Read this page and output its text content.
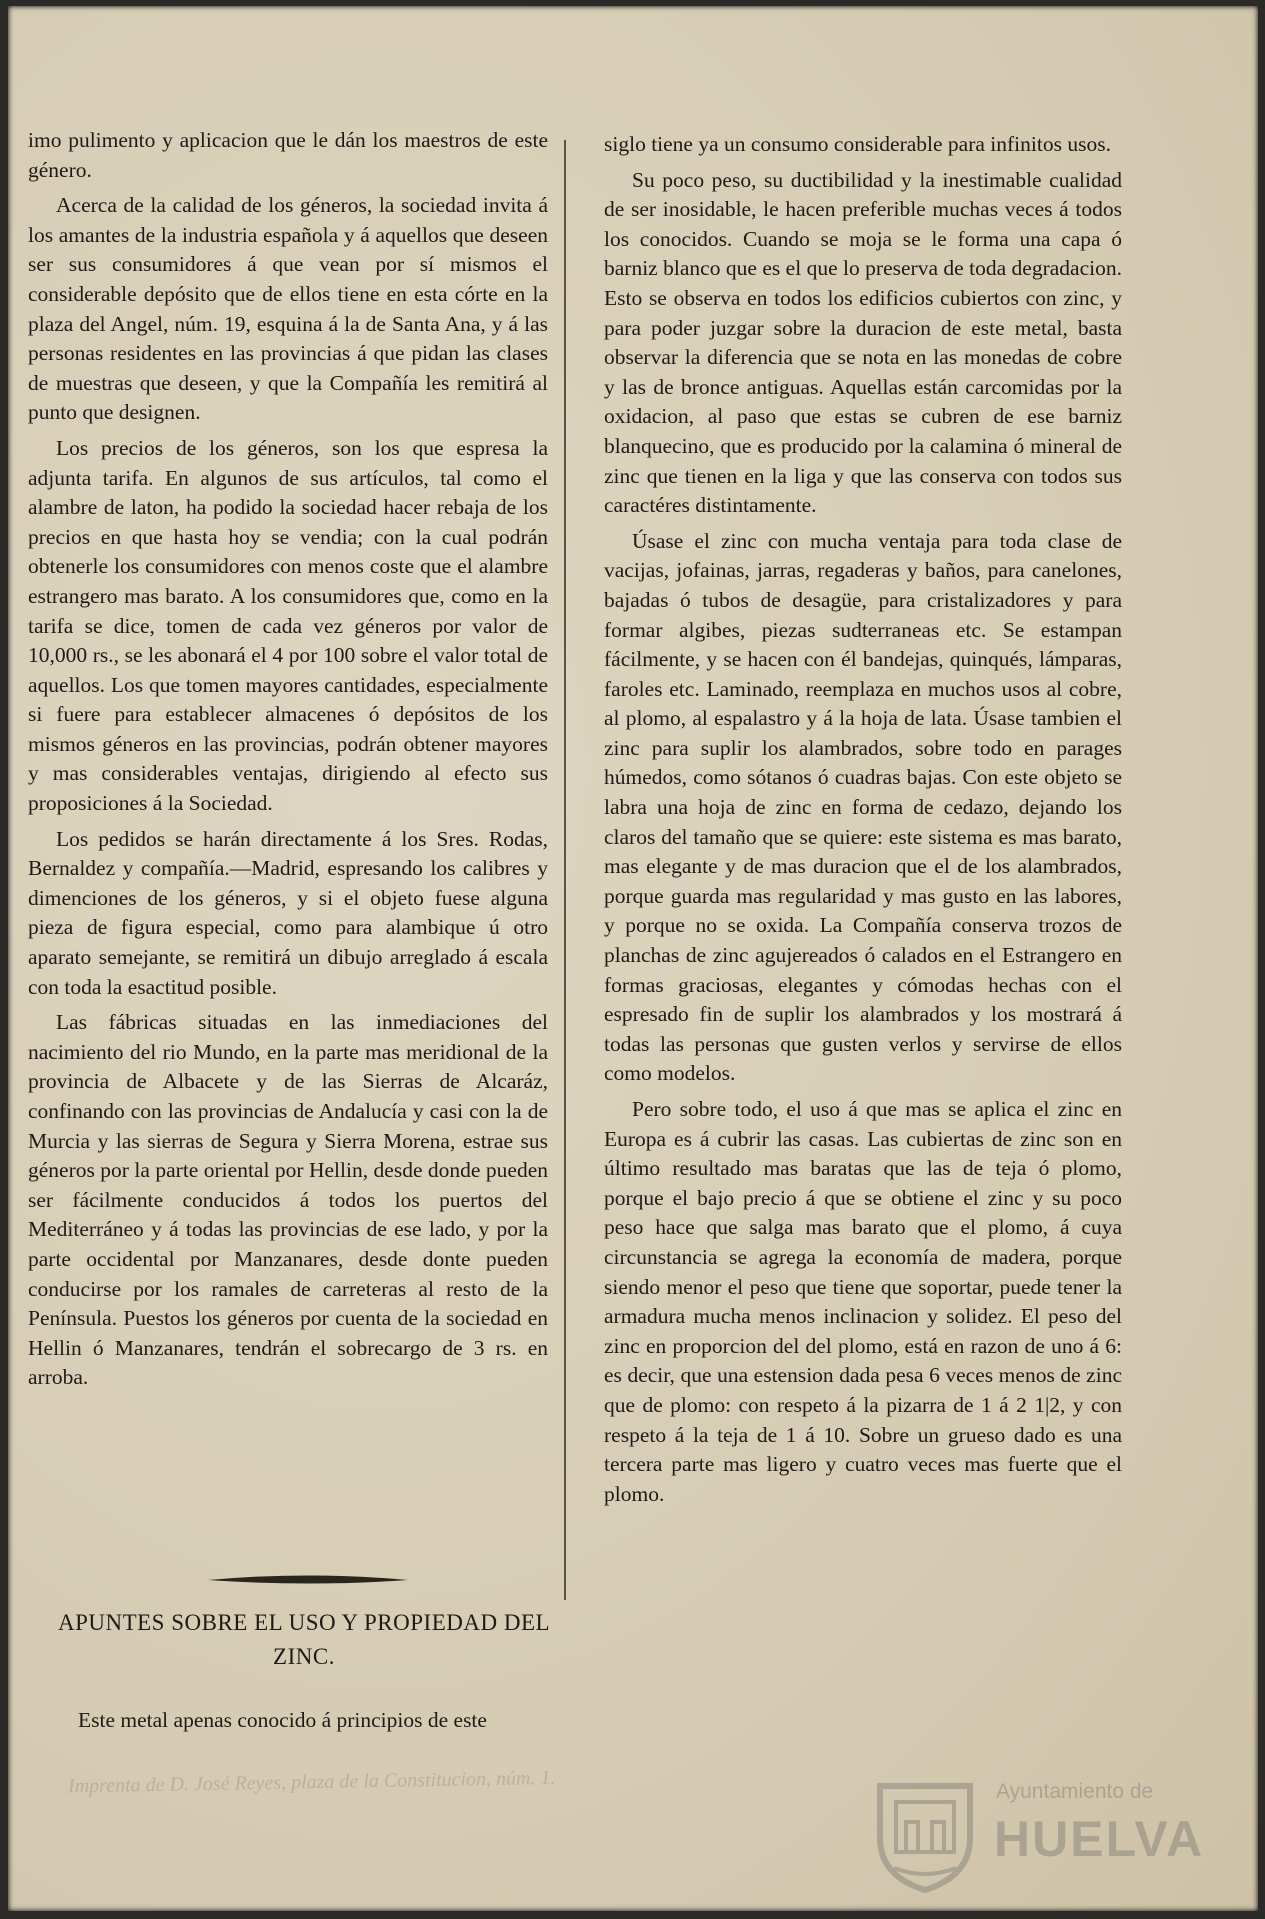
imo pulimento y aplicacion que le dán los maestros de este género.

Acerca de la calidad de los géneros, la sociedad invita á los amantes de la industria española y á aquellos que deseen ser sus consumidores á que vean por sí mismos el considerable depósito que de ellos tiene en esta córte en la plaza del Angel, núm. 19, esquina á la de Santa Ana, y á las personas residentes en las provincias á que pidan las clases de muestras que deseen, y que la Compañía les remitirá al punto que designen.

Los precios de los géneros, son los que espresa la adjunta tarifa. En algunos de sus artículos, tal como el alambre de laton, ha podido la sociedad hacer rebaja de los precios en que hasta hoy se vendia; con la cual podrán obtenerle los consumidores con menos coste que el alambre estrangero mas barato. A los consumidores que, como en la tarifa se dice, tomen de cada vez géneros por valor de 10,000 rs., se les abonará el 4 por 100 sobre el valor total de aquellos. Los que tomen mayores cantidades, especialmente si fuere para establecer almacenes ó depósitos de los mismos géneros en las provincias, podrán obtener mayores y mas considerables ventajas, dirigiendo al efecto sus proposiciones á la Sociedad.

Los pedidos se harán directamente á los Sres. Rodas, Bernaldez y compañía.—Madrid, espresando los calibres y dimenciones de los géneros, y si el objeto fuese alguna pieza de figura especial, como para alambique ú otro aparato semejante, se remitirá un dibujo arreglado á escala con toda la esactitud posible.

Las fábricas situadas en las inmediaciones del nacimiento del rio Mundo, en la parte mas meridional de la provincia de Albacete y de las Sierras de Alcaráz, confinando con las provincias de Andalucía y casi con la de Murcia y las sierras de Segura y Sierra Morena, estrae sus géneros por la parte oriental por Hellin, desde donde pueden ser fácilmente conducidos á todos los puertos del Mediterráneo y á todas las provincias de ese lado, y por la parte occidental por Manzanares, desde donte pueden conducirse por los ramales de carreteras al resto de la Península. Puestos los géneros por cuenta de la sociedad en Hellin ó Manzanares, tendrán el sobrecargo de 3 rs. en arroba.

APUNTES SOBRE EL USO Y PROPIEDAD DEL ZINC.
Este metal apenas conocido á principios de este

siglo tiene ya un consumo considerable para infinitos usos.

Su poco peso, su ductibilidad y la inestimable cualidad de ser inosidable, le hacen preferible muchas veces á todos los conocidos. Cuando se moja se le forma una capa ó barniz blanco que es el que lo preserva de toda degradacion. Esto se observa en todos los edificios cubiertos con zinc, y para poder juzgar sobre la duracion de este metal, basta observar la diferencia que se nota en las monedas de cobre y las de bronce antiguas. Aquellas están carcomidas por la oxidacion, al paso que estas se cubren de ese barniz blanquecino, que es producido por la calamina ó mineral de zinc que tienen en la liga y que las conserva con todos sus caractéres distintamente.

Úsase el zinc con mucha ventaja para toda clase de vacijas, jofainas, jarras, regaderas y baños, para canelones, bajadas ó tubos de desagüe, para cristalizadores y para formar algibes, piezas sudterraneas etc. Se estampan fácilmente, y se hacen con él bandejas, quinqués, lámparas, faroles etc. Laminado, reemplaza en muchos usos al cobre, al plomo, al espalastro y á la hoja de lata. Úsase tambien el zinc para suplir los alambrados, sobre todo en parages húmedos, como sótanos ó cuadras bajas. Con este objeto se labra una hoja de zinc en forma de cedazo, dejando los claros del tamaño que se quiere: este sistema es mas barato, mas elegante y de mas duracion que el de los alambrados, porque guarda mas regularidad y mas gusto en las labores, y porque no se oxida. La Compañía conserva trozos de planchas de zinc agujereados ó calados en el Estrangero en formas graciosas, elegantes y cómodas hechas con el espresado fin de suplir los alambrados y los mostrará á todas las personas que gusten verlos y servirse de ellos como modelos.

Pero sobre todo, el uso á que mas se aplica el zinc en Europa es á cubrir las casas. Las cubiertas de zinc son en último resultado mas baratas que las de teja ó plomo, porque el bajo precio á que se obtiene el zinc y su poco peso hace que salga mas barato que el plomo, á cuya circunstancia se agrega la economía de madera, porque siendo menor el peso que tiene que soportar, puede tener la armadura mucha menos inclinacion y solidez. El peso del zinc en proporcion del del plomo, está en razon de uno á 6: es decir, que una estension dada pesa 6 veces menos de zinc que de plomo: con respeto á la pizarra de 1 á 2 1|2, y con respeto á la teja de 1 á 10. Sobre un grueso dado es una tercera parte mas ligero y cuatro veces mas fuerte que el plomo.

Imprenta de D. José Reyes, plaza de la Constitucion, núm. 1.	Ayuntamiento de
HUELVA
